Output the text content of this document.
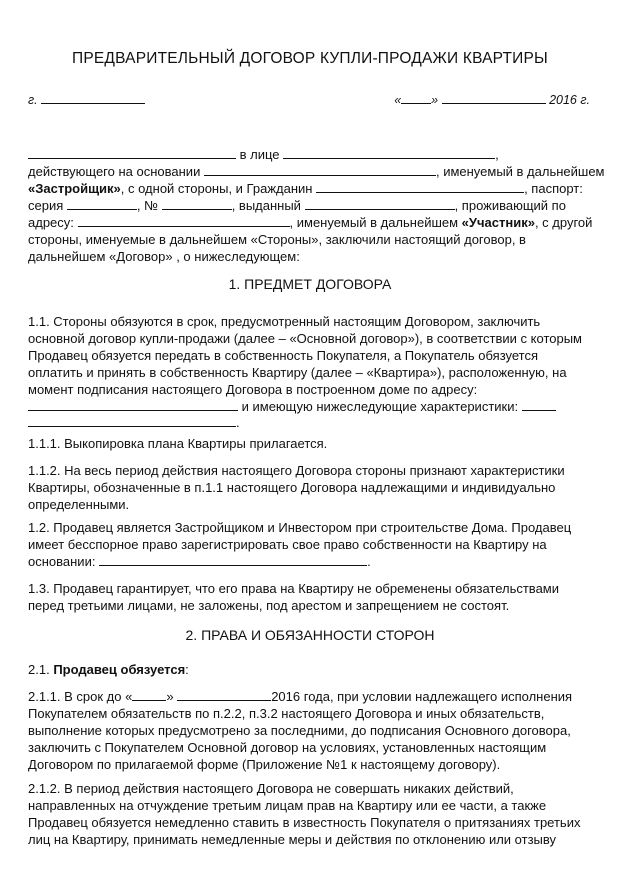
ПРЕДВАРИТЕЛЬНЫЙ ДОГОВОР КУПЛИ-ПРОДАЖИ КВАРТИРЫ
г.	« »	2016 г.
в лице	,
действующего на основании	, именуемый в дальнейшем
«Застройщик», с одной стороны, и Гражданин	, паспорт:
серия	, №	, выданный	, проживающий по
адресу:	, именуемый в дальнейшем «Участник», с другой
стороны, именуемые в дальнейшем «Стороны», заключили настоящий договор, в
дальнейшем «Договор» , о нижеследующем:
1. ПРЕДМЕТ ДОГОВОРА
1.1. Стороны обязуются в срок, предусмотренный настоящим Договором, заключить
основной договор купли-продажи (далее – «Основной договор»), в соответствии с которым
Продавец обязуется передать в собственность Покупателя, а Покупатель обязуется
оплатить и принять в собственность Квартиру (далее – «Квартира»), расположенную, на
момент подписания настоящего Договора в построенном доме по адресу:
и имеющую нижеследующие характеристики:
.
1.1.1. Выкопировка плана Квартиры прилагается.
1.1.2. На весь период действия настоящего Договора стороны признают характеристики
Квартиры, обозначенные в п.1.1 настоящего Договора надлежащими и индивидуально
определенными.
1.2. Продавец является Застройщиком и Инвестором при строительстве Дома. Продавец
имеет бесспорное право зарегистрировать свое право собственности на Квартиру на
основании:	.
1.3. Продавец гарантирует, что его права на Квартиру не обременены обязательствами
перед третьими лицами, не заложены, под арестом и запрещением не состоят.
2. ПРАВА И ОБЯЗАННОСТИ СТОРОН
2.1. Продавец обязуется:
2.1.1. В срок до «	»	2016 года, при условии надлежащего исполнения
Покупателем обязательств по п.2.2, п.3.2 настоящего Договора и иных обязательств,
выполнение которых предусмотрено за последними, до подписания Основного договора,
заключить с Покупателем Основной договор на условиях, установленных настоящим
Договором по прилагаемой форме (Приложение №1 к настоящему договору).
2.1.2. В период действия настоящего Договора не совершать никаких действий,
направленных на отчуждение третьим лицам прав на Квартиру или ее части, а также
Продавец обязуется немедленно ставить в известность Покупателя о притязаниях третьих
лиц на Квартиру, принимать немедленные меры и действия по отклонению или отзыву
